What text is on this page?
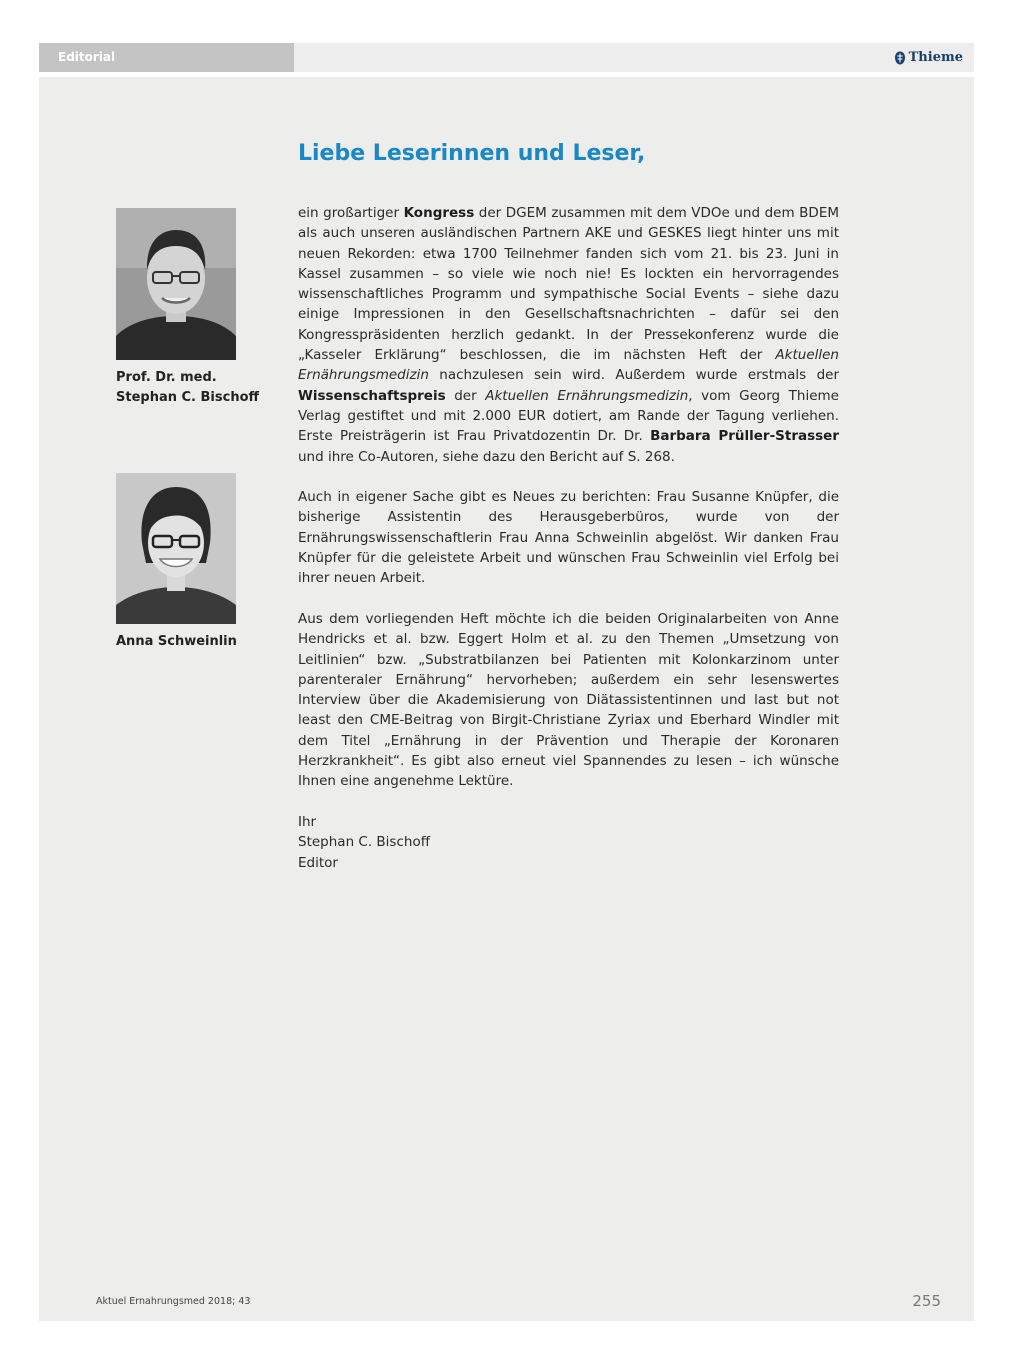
Editorial	Thieme
Liebe Leserinnen und Leser,
Prof. Dr. med.
Stephan C. Bischoff
Anna Schweinlin

ein großartiger Kongress der DGEM zusammen mit dem VDOe und dem BDEM als auch unseren ausländischen Partnern AKE und GESKES liegt hinter uns mit neuen Rekorden: etwa 1700 Teilnehmer fanden sich vom 21. bis 23. Juni in Kassel zusammen – so viele wie noch nie! Es lockten ein hervorragendes wissenschaftliches Programm und sympathische Social Events – siehe dazu einige Impressionen in den Gesellschaftsnachrichten – dafür sei den Kongresspräsidenten herzlich gedankt. In der Pressekonferenz wurde die „Kasseler Erklärung“ beschlossen, die im nächsten Heft der Aktuellen Ernährungsmedizin nachzulesen sein wird. Außerdem wurde erstmals der Wissenschaftspreis der Aktuellen Ernährungsmedizin, vom Georg Thieme Verlag gestiftet und mit 2.000 EUR dotiert, am Rande der Tagung verliehen. Erste Preisträgerin ist Frau Privatdozentin Dr. Dr. Barbara Prüller-Strasser und ihre Co-Autoren, siehe dazu den Bericht auf S. 268.

Auch in eigener Sache gibt es Neues zu berichten: Frau Susanne Knüpfer, die bisherige Assistentin des Herausgeberbüros, wurde von der Ernährungswissenschaftlerin Frau Anna Schweinlin abgelöst. Wir danken Frau Knüpfer für die geleistete Arbeit und wünschen Frau Schweinlin viel Erfolg bei ihrer neuen Arbeit.

Aus dem vorliegenden Heft möchte ich die beiden Originalarbeiten von Anne Hendricks et al. bzw. Eggert Holm et al. zu den Themen „Umsetzung von Leitlinien“ bzw. „Substratbilanzen bei Patienten mit Kolonkarzinom unter parenteraler Ernährung“ hervorheben; außerdem ein sehr lesenswertes Interview über die Akademisierung von Diätassistentinnen und last but not least den CME-Beitrag von Birgit-Christiane Zyriax und Eberhard Windler mit dem Titel „Ernährung in der Prävention und Therapie der Koronaren Herzkrankheit“. Es gibt also erneut viel Spannendes zu lesen – ich wünsche Ihnen eine angenehme Lektüre.

Ihr

Stephan C. Bischoff

Editor

Aktuel Ernahrungsmed 2018; 43	255
